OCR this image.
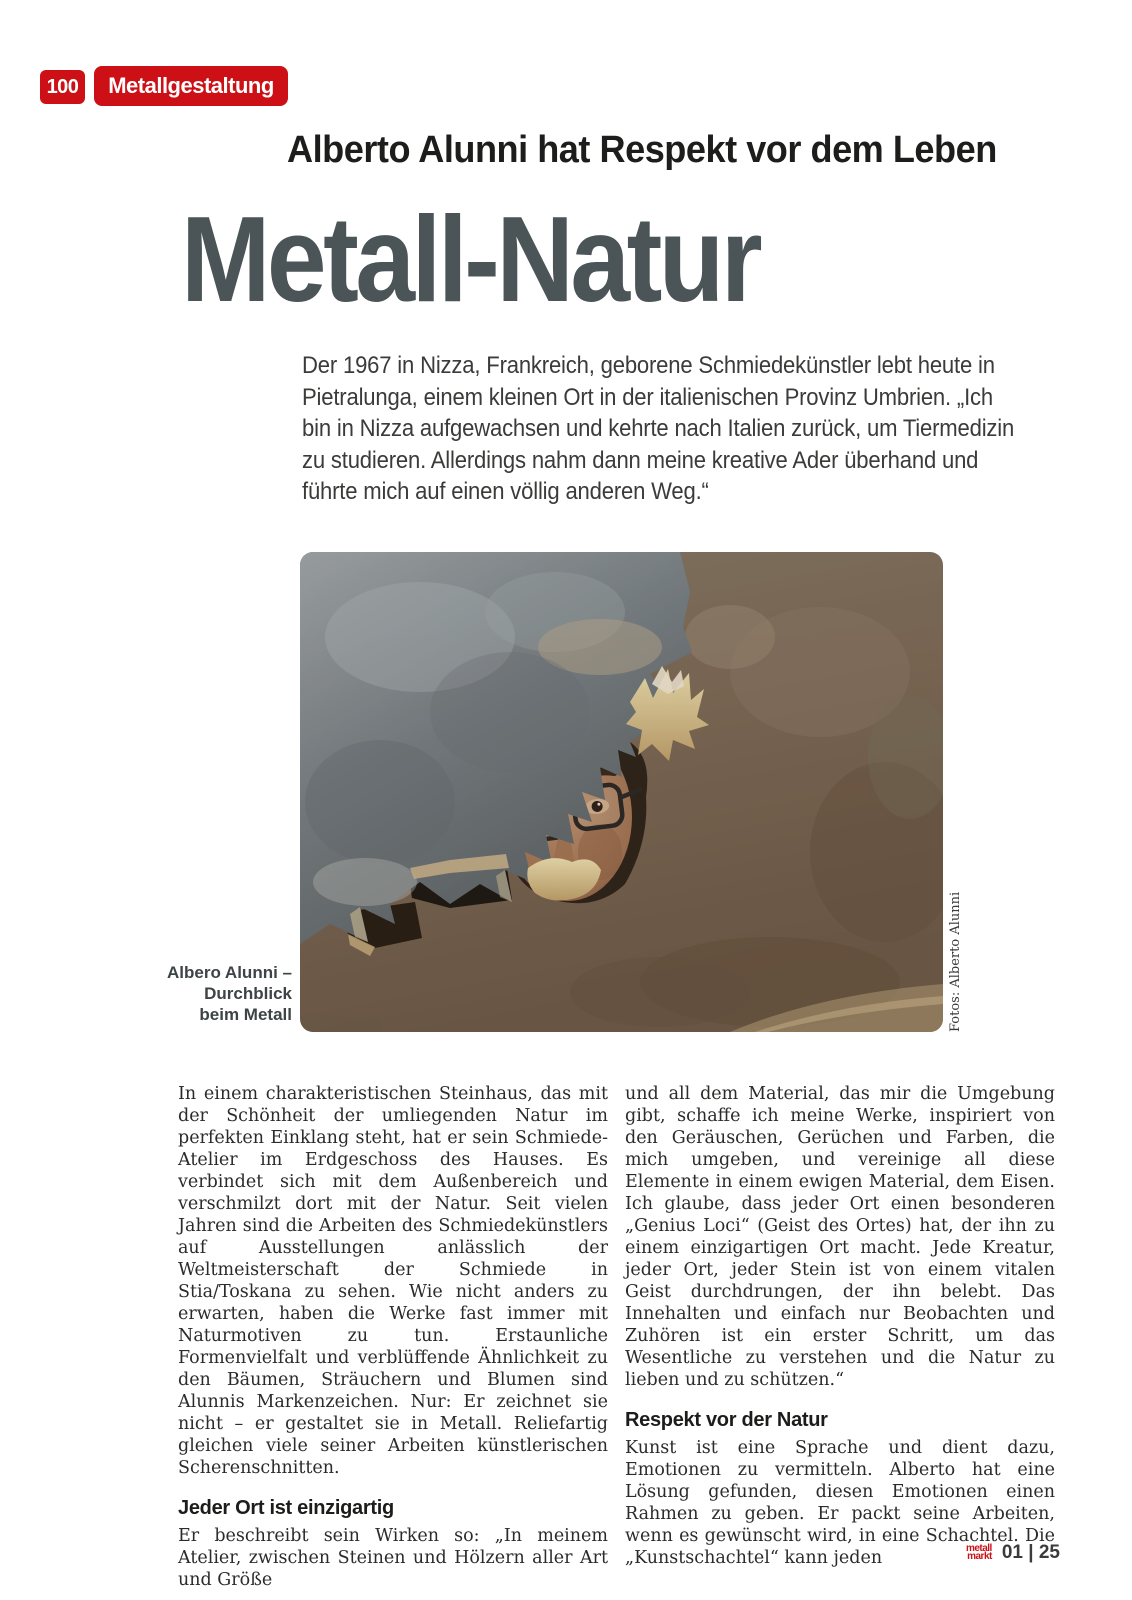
100	Metallgestaltung
Alberto Alunni hat Respekt vor dem Leben
Metall-Natur
Der 1967 in Nizza, Frankreich, geborene Schmiedekünstler lebt heute in Pietralunga, einem kleinen Ort in der italienischen Provinz Umbrien. „Ich bin in Nizza aufgewachsen und kehrte nach Italien zurück, um Tiermedizin zu studieren. Allerdings nahm dann meine kreative Ader überhand und führte mich auf einen völlig anderen Weg.“
Albero Alunni –
Durchblick
beim Metall	Fotos: Alberto Alunni

In einem charakteristischen Steinhaus, das mit der Schönheit der umliegenden Natur im perfekten Einklang steht, hat er sein Schmiede-Atelier im Erdgeschoss des Hauses. Es verbindet sich mit dem Außenbereich und verschmilzt dort mit der Natur. Seit vielen Jahren sind die Arbeiten des Schmiedekünstlers auf Ausstellungen anlässlich der Weltmeisterschaft der Schmiede in Stia/Toskana zu sehen. Wie nicht anders zu erwarten, haben die Werke fast immer mit Naturmotiven zu tun. Erstaunliche Formenvielfalt und verblüffende Ähnlichkeit zu den Bäumen, Sträuchern und Blumen sind Alunnis Markenzeichen. Nur: Er zeichnet sie nicht – er gestaltet sie in Metall. Reliefartig gleichen viele seiner Arbeiten künstlerischen Scherenschnitten.

Jeder Ort ist einzigartig

Er beschreibt sein Wirken so: „In meinem Atelier, zwischen Steinen und Hölzern aller Art und Größe

und all dem Material, das mir die Umgebung gibt, schaffe ich meine Werke, inspiriert von den Geräuschen, Gerüchen und Farben, die mich umgeben, und vereinige all diese Elemente in einem ewigen Material, dem Eisen. Ich glaube, dass jeder Ort einen besonderen „Genius Loci“ (Geist des Ortes) hat, der ihn zu einem einzigartigen Ort macht. Jede Kreatur, jeder Ort, jeder Stein ist von einem vitalen Geist durchdrungen, der ihn belebt. Das Innehalten und einfach nur Beobachten und Zuhören ist ein erster Schritt, um das Wesentliche zu verstehen und die Natur zu lieben und zu schützen.“

Respekt vor der Natur

Kunst ist eine Sprache und dient dazu, Emotionen zu vermitteln. Alberto hat eine Lösung gefunden, diesen Emotionen einen Rahmen zu geben. Er packt seine Arbeiten, wenn es gewünscht wird, in eine Schachtel. Die „Kunstschachtel“ kann jeden	metall
markt 01 | 25
